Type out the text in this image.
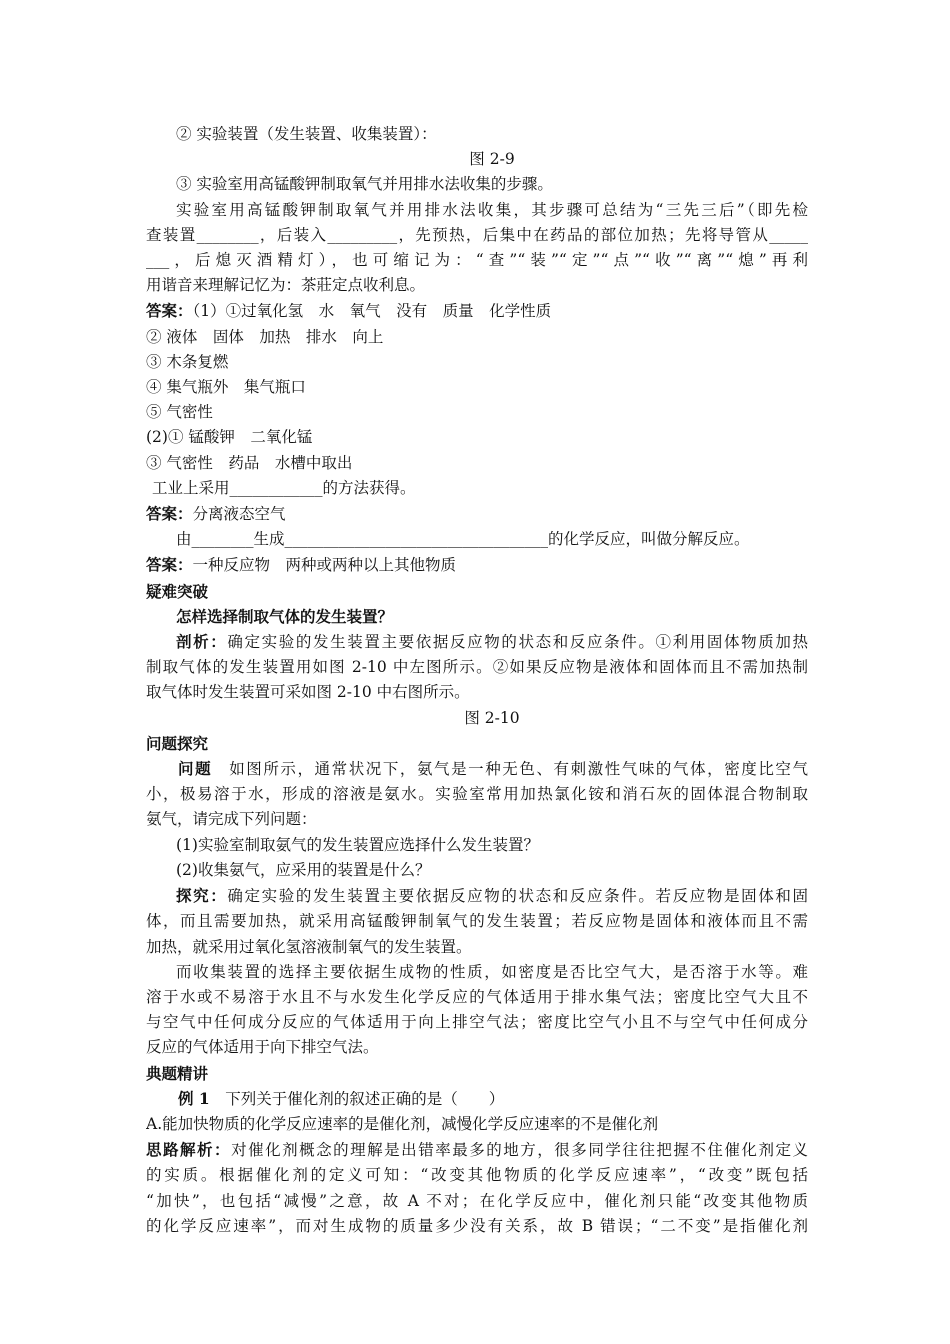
② 实验装置（发生装置、收集装置）：
图 2-9
③ 实验室用高锰酸钾制取氧气并用排水法收集的步骤。
实验室用高锰酸钾制取氧气并用排水法收集，其步骤可总结为“三先三后”（即先检
查装置________，后装入_________，先预热，后集中在药品的部位加热；先将导管从_____
___，后熄灭酒精灯），也可缩记为：“查”“装”“定”“点”“收”“离”“熄”再利
用谐音来理解记忆为：茶莊定点收利息。
答案：（1）①过氧化氢　水　氧气　没有　质量　化学性质
② 液体　固体　加热　排水　向上
③ 木条复燃
④ 集气瓶外　集气瓶口
⑤ 气密性
(2)① 锰酸钾　二氧化锰
③ 气密性　药品　水槽中取出
工业上采用____________的方法获得。
答案：分离液态空气
由________生成__________________________________的化学反应，叫做分解反应。
答案：一种反应物　两种或两种以上其他物质
疑难突破
怎样选择制取气体的发生装置？
剖析：确定实验的发生装置主要依据反应物的状态和反应条件。①利用固体物质加热
制取气体的发生装置用如图 2-10 中左图所示。②如果反应物是液体和固体而且不需加热制
取气体时发生装置可采如图 2-10 中右图所示。
图 2-10
问题探究
问题　如图所示，通常状况下，氨气是一种无色、有刺激性气味的气体，密度比空气
小，极易溶于水，形成的溶液是氨水。实验室常用加热氯化铵和消石灰的固体混合物制取
氨气，请完成下列问题：
(1)实验室制取氨气的发生装置应选择什么发生装置？
(2)收集氨气，应采用的装置是什么？
探究：确定实验的发生装置主要依据反应物的状态和反应条件。若反应物是固体和固
体，而且需要加热，就采用高锰酸钾制氧气的发生装置；若反应物是固体和液体而且不需
加热，就采用过氧化氢溶液制氧气的发生装置。
而收集装置的选择主要依据生成物的性质，如密度是否比空气大，是否溶于水等。难
溶于水或不易溶于水且不与水发生化学反应的气体适用于排水集气法；密度比空气大且不
与空气中任何成分反应的气体适用于向上排空气法；密度比空气小且不与空气中任何成分
反应的气体适用于向下排空气法。
典题精讲
例 1　下列关于催化剂的叙述正确的是（　　）
A.能加快物质的化学反应速率的是催化剂，减慢化学反应速率的不是催化剂
思路解析：对催化剂概念的理解是出错率最多的地方，很多同学往往把握不住催化剂定义
的实质。根据催化剂的定义可知：“改变其他物质的化学反应速率”，“改变”既包括
“加快”，也包括“减慢”之意，故 A 不对；在化学反应中，催化剂只能“改变其他物质
的化学反应速率”，而对生成物的质量多少没有关系，故 B 错误；“二不变”是指催化剂
